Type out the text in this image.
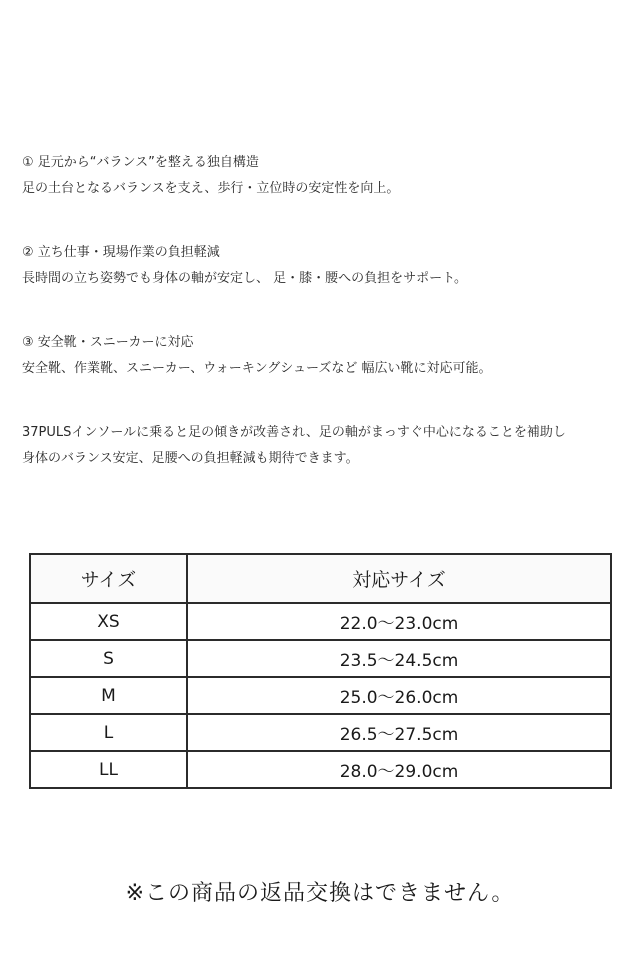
① 足元から“バランス”を整える独自構造

足の土台となるバランスを支え、歩行・立位時の安定性を向上。

② 立ち仕事・現場作業の負担軽減

長時間の立ち姿勢でも身体の軸が安定し、 足・膝・腰への負担をサポート。

③ 安全靴・スニーカーに対応

安全靴、作業靴、スニーカー、ウォーキングシューズなど 幅広い靴に対応可能。

37PULSインソールに乗ると足の傾きが改善され、足の軸がまっすぐ中心になることを補助し

身体のバランス安定、足腰への負担軽減も期待できます。

サイズ	対応サイズ
XS	22.0〜23.0cm
S	23.5〜24.5cm
M	25.0〜26.0cm
L	26.5〜27.5cm
LL	28.0〜29.0cm
※この商品の返品交換はできません。
